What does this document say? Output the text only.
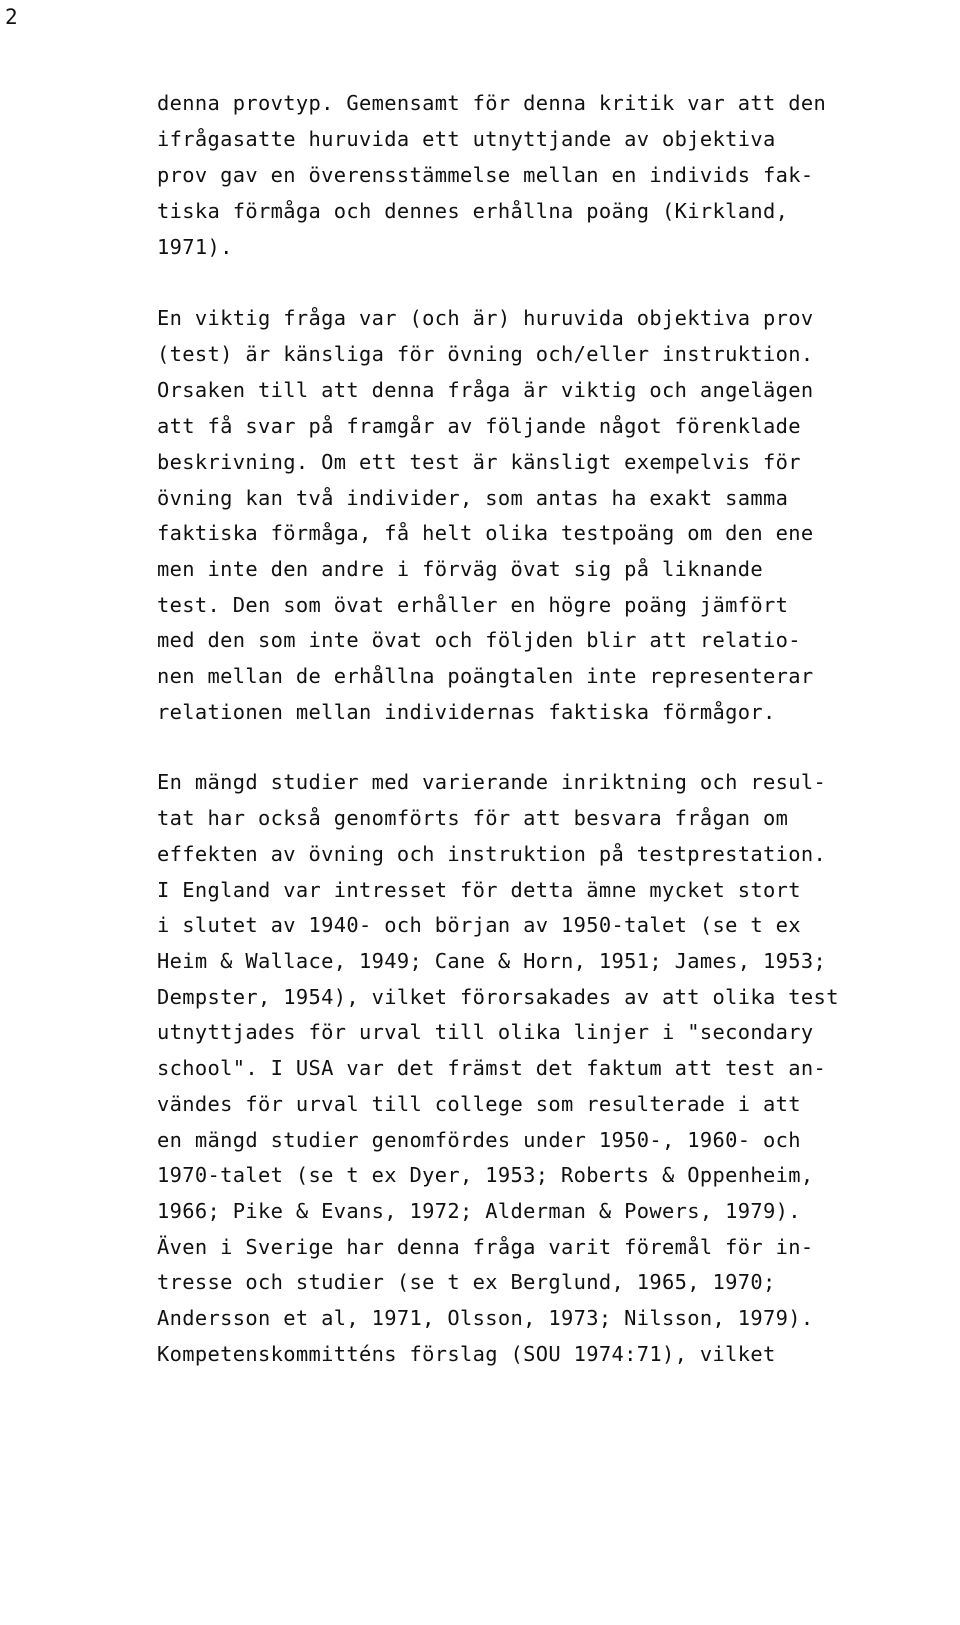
2

denna provtyp. Gemensamt för denna kritik var att den

ifrågasatte huruvida ett utnyttjande av objektiva

prov gav en överensstämmelse mellan en individs fak-

tiska förmåga och dennes erhållna poäng (Kirkland,

1971).

En viktig fråga var (och är) huruvida objektiva prov

(test) är känsliga för övning och/eller instruktion.

Orsaken till att denna fråga är viktig och angelägen

att få svar på framgår av följande något förenklade

beskrivning. Om ett test är känsligt exempelvis för

övning kan två individer, som antas ha exakt samma

faktiska förmåga, få helt olika testpoäng om den ene

men inte den andre i förväg övat sig på liknande

test. Den som övat erhåller en högre poäng jämfört

med den som inte övat och följden blir att relatio-

nen mellan de erhållna poängtalen inte representerar

relationen mellan individernas faktiska förmågor.

En mängd studier med varierande inriktning och resul-

tat har också genomförts för att besvara frågan om

effekten av övning och instruktion på testprestation.

I England var intresset för detta ämne mycket stort

i slutet av 1940- och början av 1950-talet (se t ex

Heim & Wallace, 1949; Cane & Horn, 1951; James, 1953;

Dempster, 1954), vilket förorsakades av att olika test

utnyttjades för urval till olika linjer i "secondary

school". I USA var det främst det faktum att test an-

vändes för urval till college som resulterade i att

en mängd studier genomfördes under 1950-, 1960- och

1970-talet (se t ex Dyer, 1953; Roberts & Oppenheim,

1966; Pike & Evans, 1972; Alderman & Powers, 1979).

Även i Sverige har denna fråga varit föremål för in-

tresse och studier (se t ex Berglund, 1965, 1970;

Andersson et al, 1971, Olsson, 1973; Nilsson, 1979).

Kompetenskommitténs förslag (SOU 1974:71), vilket
